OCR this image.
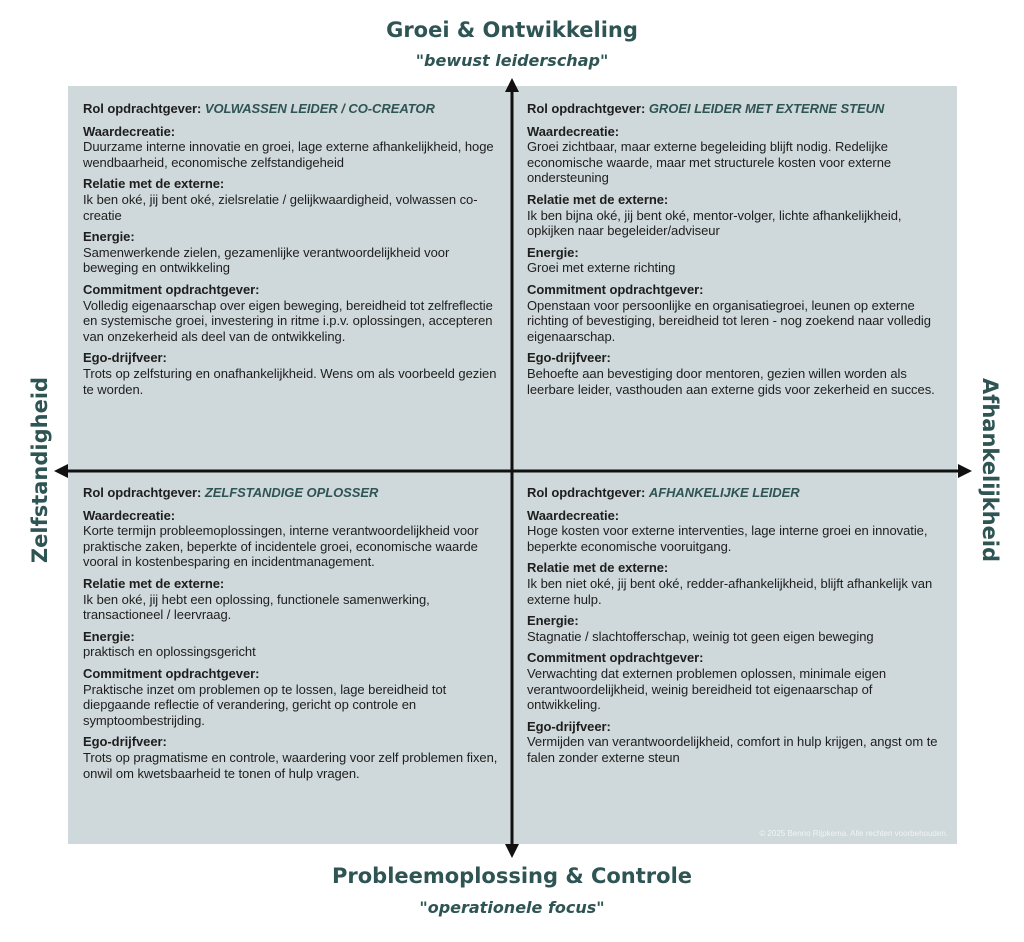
Groei & Ontwikkeling
"bewust leiderschap"
Zelfstandigheid	Afhankelijkheid
Rol opdrachtgever: VOLWASSEN LEIDER / CO-CREATOR
Waardecreatie:
Duurzame interne innovatie en groei, lage externe afhankelijkheid, hoge wendbaarheid, economische zelfstandigeheid
Relatie met de externe:
Ik ben oké, jij bent oké, zielsrelatie / gelijkwaardigheid, volwassen co-creatie
Energie:
Samenwerkende zielen, gezamenlijke verantwoordelijkheid voor beweging en ontwikkeling
Commitment opdrachtgever:
Volledig eigenaarschap over eigen beweging, bereidheid tot zelfreflectie en systemische groei, investering in ritme i.p.v. oplossingen, accepteren van onzekerheid als deel van de ontwikkeling.
Ego-drijfveer:
Trots op zelfsturing en onafhankelijkheid. Wens om als voorbeeld gezien te worden.
Rol opdrachtgever: GROEI LEIDER MET EXTERNE STEUN
Waardecreatie:
Groei zichtbaar, maar externe begeleiding blijft nodig. Redelijke economische waarde, maar met structurele kosten voor externe ondersteuning
Relatie met de externe:
Ik ben bijna oké, jij bent oké, mentor-volger, lichte afhankelijkheid, opkijken naar begeleider/adviseur
Energie:
Groei met externe richting
Commitment opdrachtgever:
Openstaan voor persoonlijke en organisatiegroei, leunen op externe richting of bevestiging, bereidheid tot leren - nog zoekend naar volledig eigenaarschap.
Ego-drijfveer:
Behoefte aan bevestiging door mentoren, gezien willen worden als leerbare leider, vasthouden aan externe gids voor zekerheid en succes.
Rol opdrachtgever: ZELFSTANDIGE OPLOSSER
Waardecreatie:
Korte termijn probleemoplossingen, interne verantwoordelijkheid voor praktische zaken, beperkte of incidentele groei, economische waarde vooral in kostenbesparing en incidentmanagement.
Relatie met de externe:
Ik ben oké, jij hebt een oplossing, functionele samenwerking, transactioneel / leervraag.
Energie:
praktisch en oplossingsgericht
Commitment opdrachtgever:
Praktische inzet om problemen op te lossen, lage bereidheid tot diepgaande reflectie of verandering, gericht op controle en symptoombestrijding.
Ego-drijfveer:
Trots op pragmatisme en controle, waardering voor zelf problemen fixen, onwil om kwetsbaarheid te tonen of hulp vragen.
Rol opdrachtgever: AFHANKELIJKE LEIDER
Waardecreatie:
Hoge kosten voor externe interventies, lage interne groei en innovatie, beperkte economische vooruitgang.
Relatie met de externe:
Ik ben niet oké, jij bent oké, redder-afhankelijkheid, blijft afhankelijk van externe hulp.
Energie:
Stagnatie / slachtofferschap, weinig tot geen eigen beweging
Commitment opdrachtgever:
Verwachting dat externen problemen oplossen, minimale eigen verantwoordelijkheid, weinig bereidheid tot eigenaarschap of ontwikkeling.
Ego-drijfveer:
Vermijden van verantwoordelijkheid, comfort in hulp krijgen, angst om te falen zonder externe steun
© 2025 Benno Rijpkema. Alle rechten voorbehouden.
Probleemoplossing & Controle
"operationele focus"
